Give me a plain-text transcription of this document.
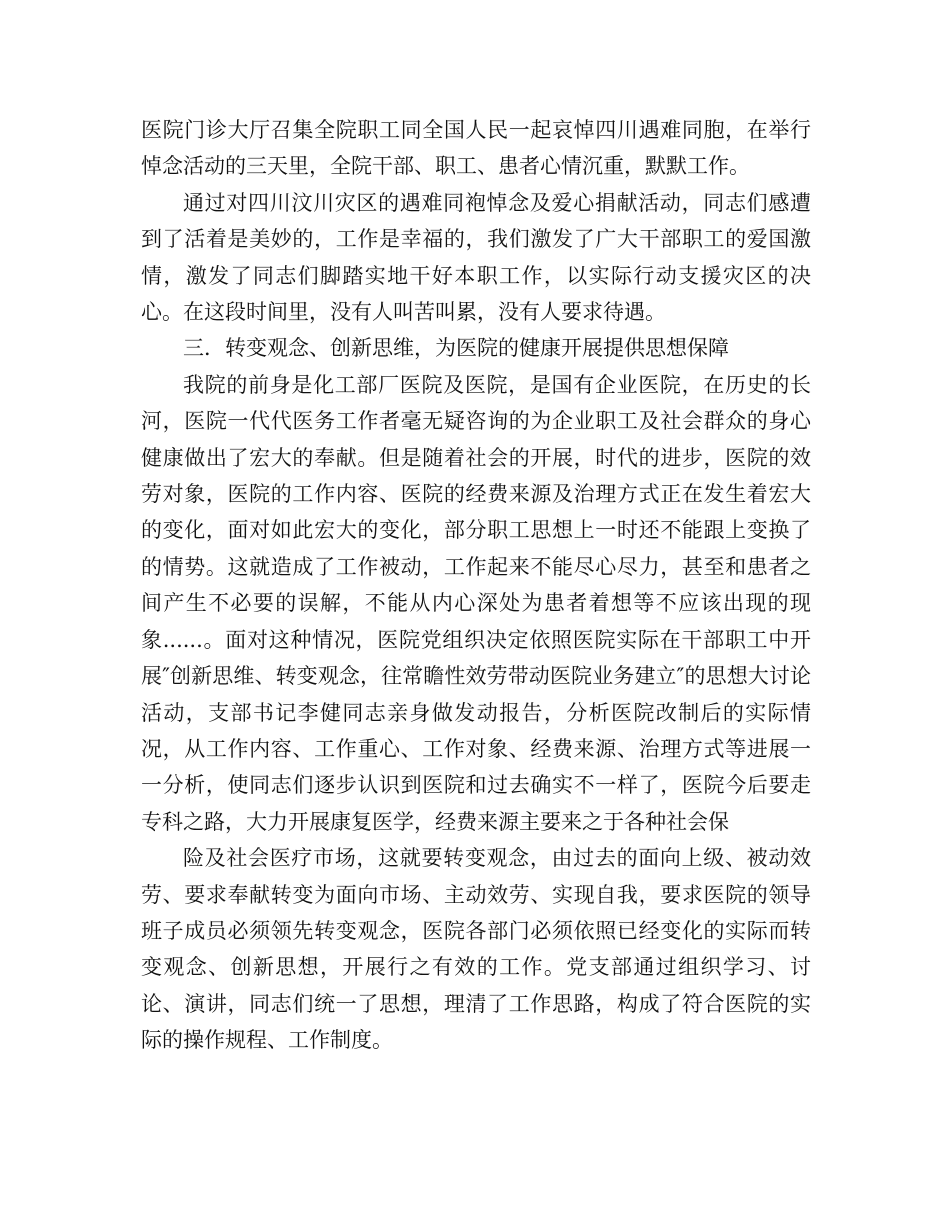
医院门诊大厅召集全院职工同全国人民一起哀悼四川遇难同胞，在举行悼念活动的三天里，全院干部、职工、患者心情沉重，默默工作。

通过对四川汶川灾区的遇难同袍悼念及爱心捐献活动，同志们感遭到了活着是美妙的，工作是幸福的，我们激发了广大干部职工的爱国激情，激发了同志们脚踏实地干好本职工作，以实际行动支援灾区的决心。在这段时间里，没有人叫苦叫累，没有人要求待遇。

三．转变观念、创新思维，为医院的健康开展提供思想保障

我院的前身是化工部厂医院及医院，是国有企业医院，在历史的长河，医院一代代医务工作者毫无疑咨询的为企业职工及社会群众的身心健康做出了宏大的奉献。但是随着社会的开展，时代的进步，医院的效劳对象，医院的工作内容、医院的经费来源及治理方式正在发生着宏大的变化，面对如此宏大的变化，部分职工思想上一时还不能跟上变换了的情势。这就造成了工作被动，工作起来不能尽心尽力，甚至和患者之间产生不必要的误解，不能从内心深处为患者着想等不应该出现的现象......。面对这种情况，医院党组织决定依照医院实际在干部职工中开展″创新思维、转变观念，往常瞻性效劳带动医院业务建立″的思想大讨论活动，支部书记李健同志亲身做发动报告，分析医院改制后的实际情况，从工作内容、工作重心、工作对象、经费来源、治理方式等进展一一分析，使同志们逐步认识到医院和过去确实不一样了，医院今后要走专科之路，大力开展康复医学，经费来源主要来之于各种社会保

险及社会医疗市场，这就要转变观念，由过去的面向上级、被动效劳、要求奉献转变为面向市场、主动效劳、实现自我，要求医院的领导班子成员必须领先转变观念，医院各部门必须依照已经变化的实际而转变观念、创新思想，开展行之有效的工作。党支部通过组织学习、讨论、演讲，同志们统一了思想，理清了工作思路，构成了符合医院的实际的操作规程、工作制度。
